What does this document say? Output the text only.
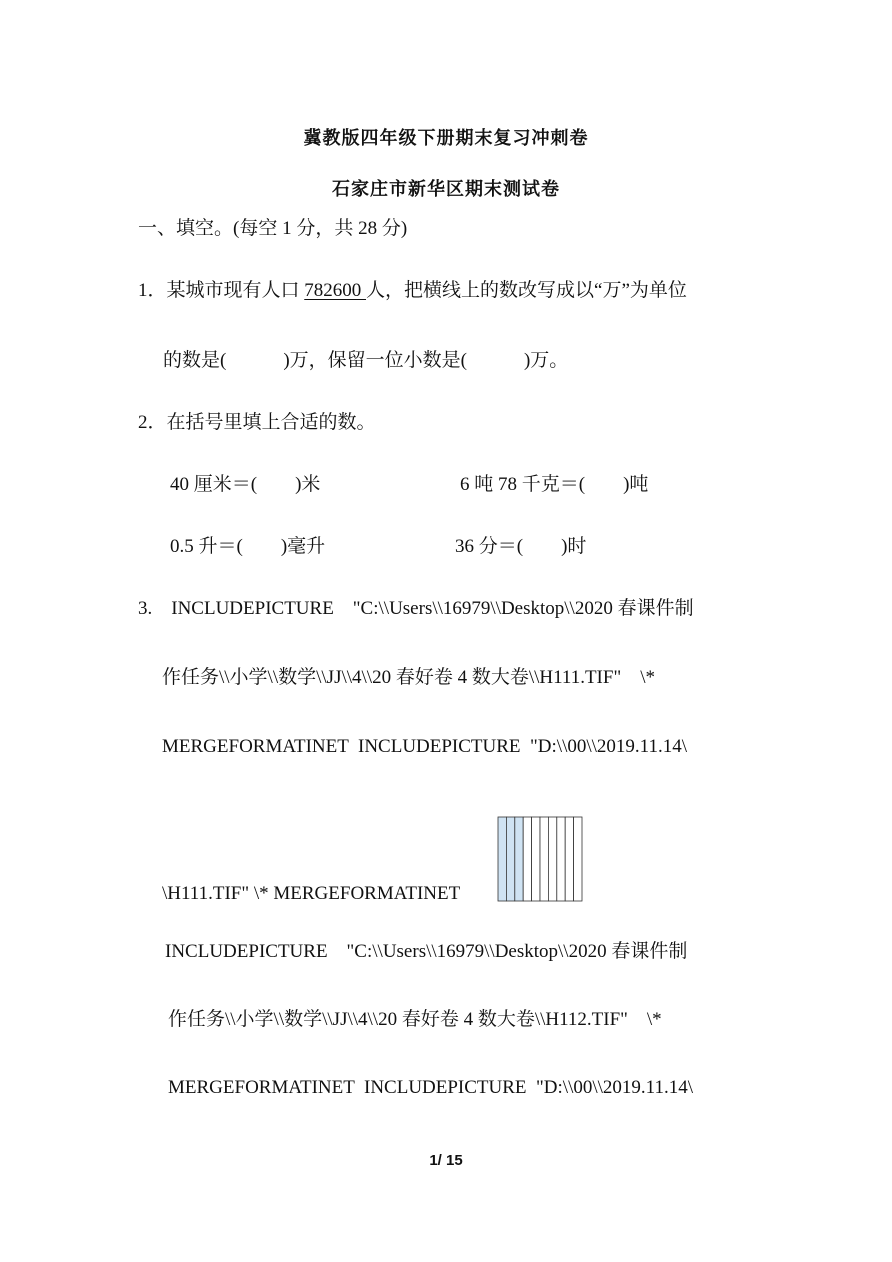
冀教版四年级下册期末复习冲刺卷
石家庄市新华区期末测试卷
一、填空。(每空 1 分，共 28 分)
1．某城市现有人口 782600 人，把横线上的数改写成以“万”为单位
的数是(　　　)万，保留一位小数是(　　　)万。
2．在括号里填上合适的数。
40 厘米＝(　　)米	6 吨 78 千克＝(　　)吨
0.5 升＝(　　)毫升	36 分＝(　　)时
3.　INCLUDEPICTURE　"C:\\Users\\16979\\Desktop\\2020 春课件制
作任务\\小学\\数学\\JJ\\4\\20 春好卷 4 数大卷\\H111.TIF"　\*
MERGEFORMATINET  INCLUDEPICTURE  "D:\\00\\2019.11.14\
\H111.TIF" \* MERGEFORMATINET
INCLUDEPICTURE　"C:\\Users\\16979\\Desktop\\2020 春课件制
作任务\\小学\\数学\\JJ\\4\\20 春好卷 4 数大卷\\H112.TIF"　\*
MERGEFORMATINET  INCLUDEPICTURE  "D:\\00\\2019.11.14\
1/ 15
